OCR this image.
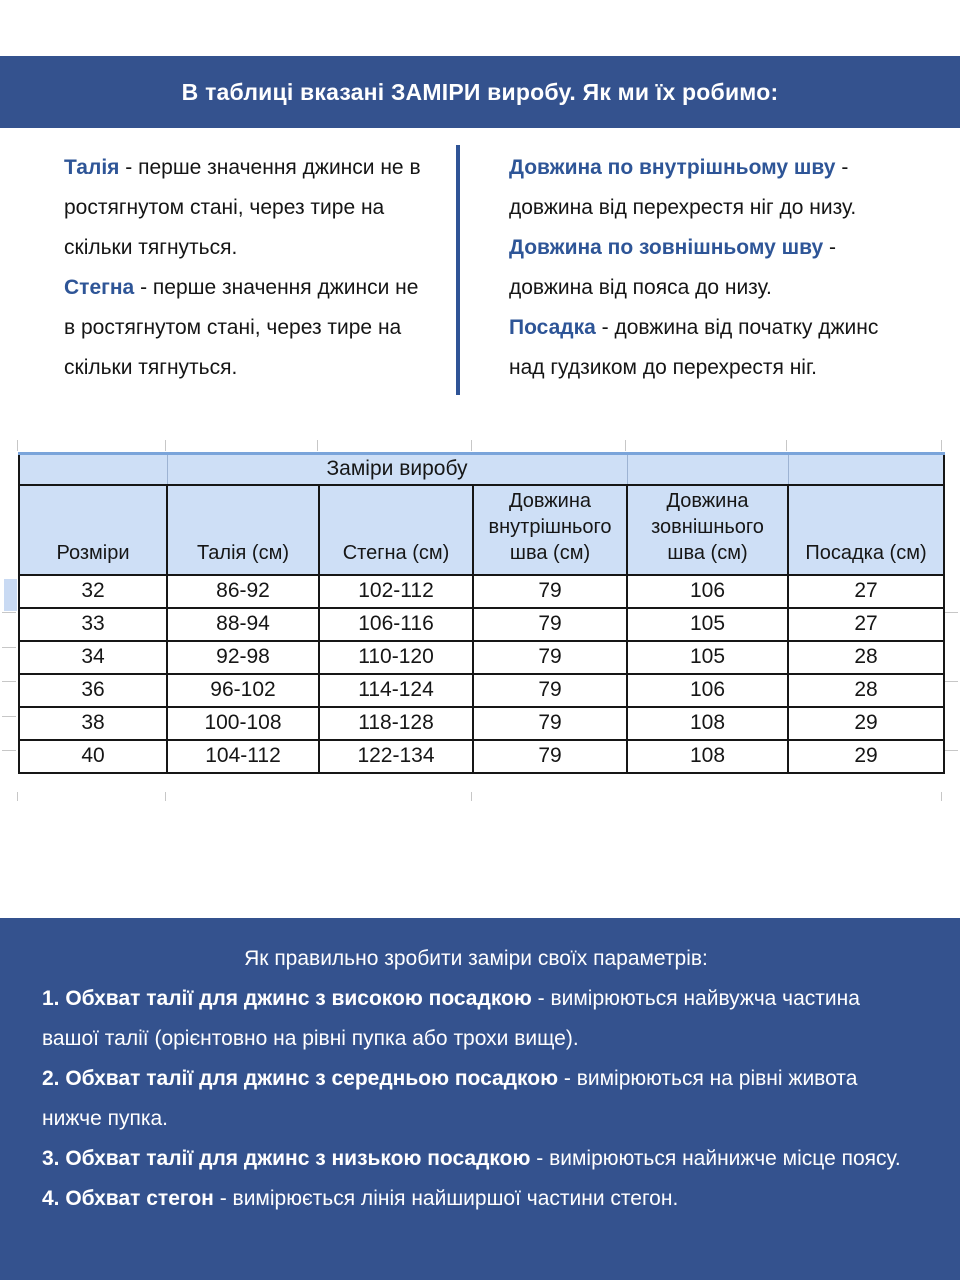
В таблиці вказані ЗАМІРИ виробу. Як ми їх робимо:

Талія - перше значення джинси не в ростягнутом стані, через тире на скільки тягнуться.

Стегна - перше значення джинси не в ростягнутом стані, через тире на скільки тягнуться.

Довжина по внутрішньому шву - довжина від перехрестя ніг до низу.

Довжина по зовнішньому шву - довжина від пояса до низу.

Посадка - довжина від початку джинс над гудзиком до перехрестя ніг.

	Заміри виробу				
Розміри	Талія (см)	Стегна (см)	Довжина внутрішнього шва (см)	Довжина зовнішнього шва (см)	Посадка (см)
32	86-92	102-112	79	106	27
33	88-94	106-116	79	105	27
34	92-98	110-120	79	105	28
36	96-102	114-124	79	106	28
38	100-108	118-128	79	108	29
40	104-112	122-134	79	108	29

Як правильно зробити заміри своїх параметрів:

1. Обхват талії для джинс з високою посадкою - вимірюються найвужча частина вашої талії (орієнтовно на рівні пупка або трохи вище).

2. Обхват талії для джинс з середньою посадкою - вимірюються на рівні живота нижче пупка.

3. Обхват талії для джинс з низькою посадкою - вимірюються найнижче місце поясу.

4. Обхват стегон - вимірюється лінія найширшої частини стегон.
